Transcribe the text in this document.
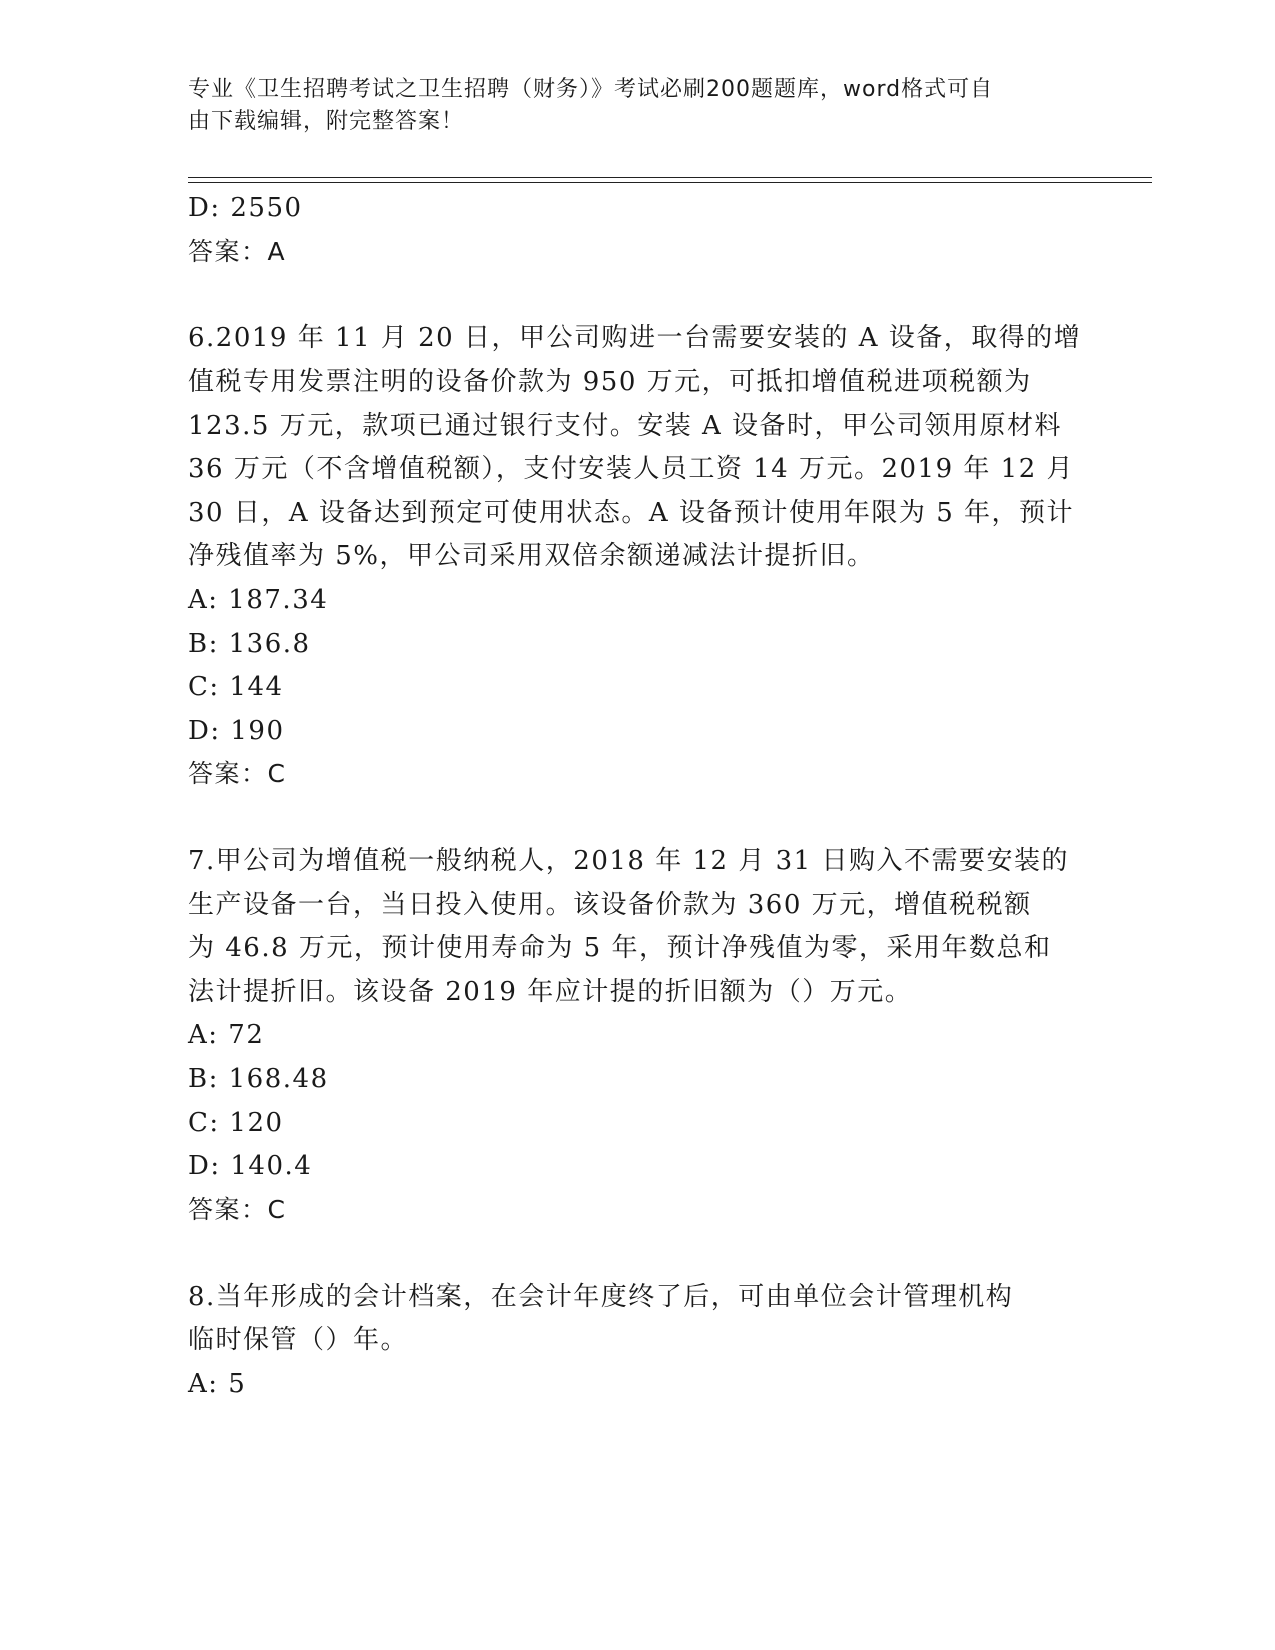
专业《卫生招聘考试之卫生招聘（财务）》考试必刷200题题库，word格式可自
由下载编辑，附完整答案！
D: 2550
答案：A
6.2019 年 11 月 20 日，甲公司购进一台需要安装的 A 设备，取得的增
值税专用发票注明的设备价款为 950 万元，可抵扣增值税进项税额为
123.5 万元，款项已通过银行支付。安装 A 设备时，甲公司领用原材料
36 万元（不含增值税额），支付安装人员工资 14 万元。2019 年 12 月
30 日，A 设备达到预定可使用状态。A 设备预计使用年限为 5 年，预计
净残值率为 5%，甲公司采用双倍余额递减法计提折旧。
A: 187.34
B: 136.8
C: 144
D: 190
答案：C
7.甲公司为增值税一般纳税人，2018 年 12 月 31 日购入不需要安装的
生产设备一台，当日投入使用。该设备价款为 360 万元，增值税税额
为 46.8 万元，预计使用寿命为 5 年，预计净残值为零，采用年数总和
法计提折旧。该设备 2019 年应计提的折旧额为（）万元。
A: 72
B: 168.48
C: 120
D: 140.4
答案：C
8.当年形成的会计档案，在会计年度终了后，可由单位会计管理机构
临时保管（）年。
A: 5
